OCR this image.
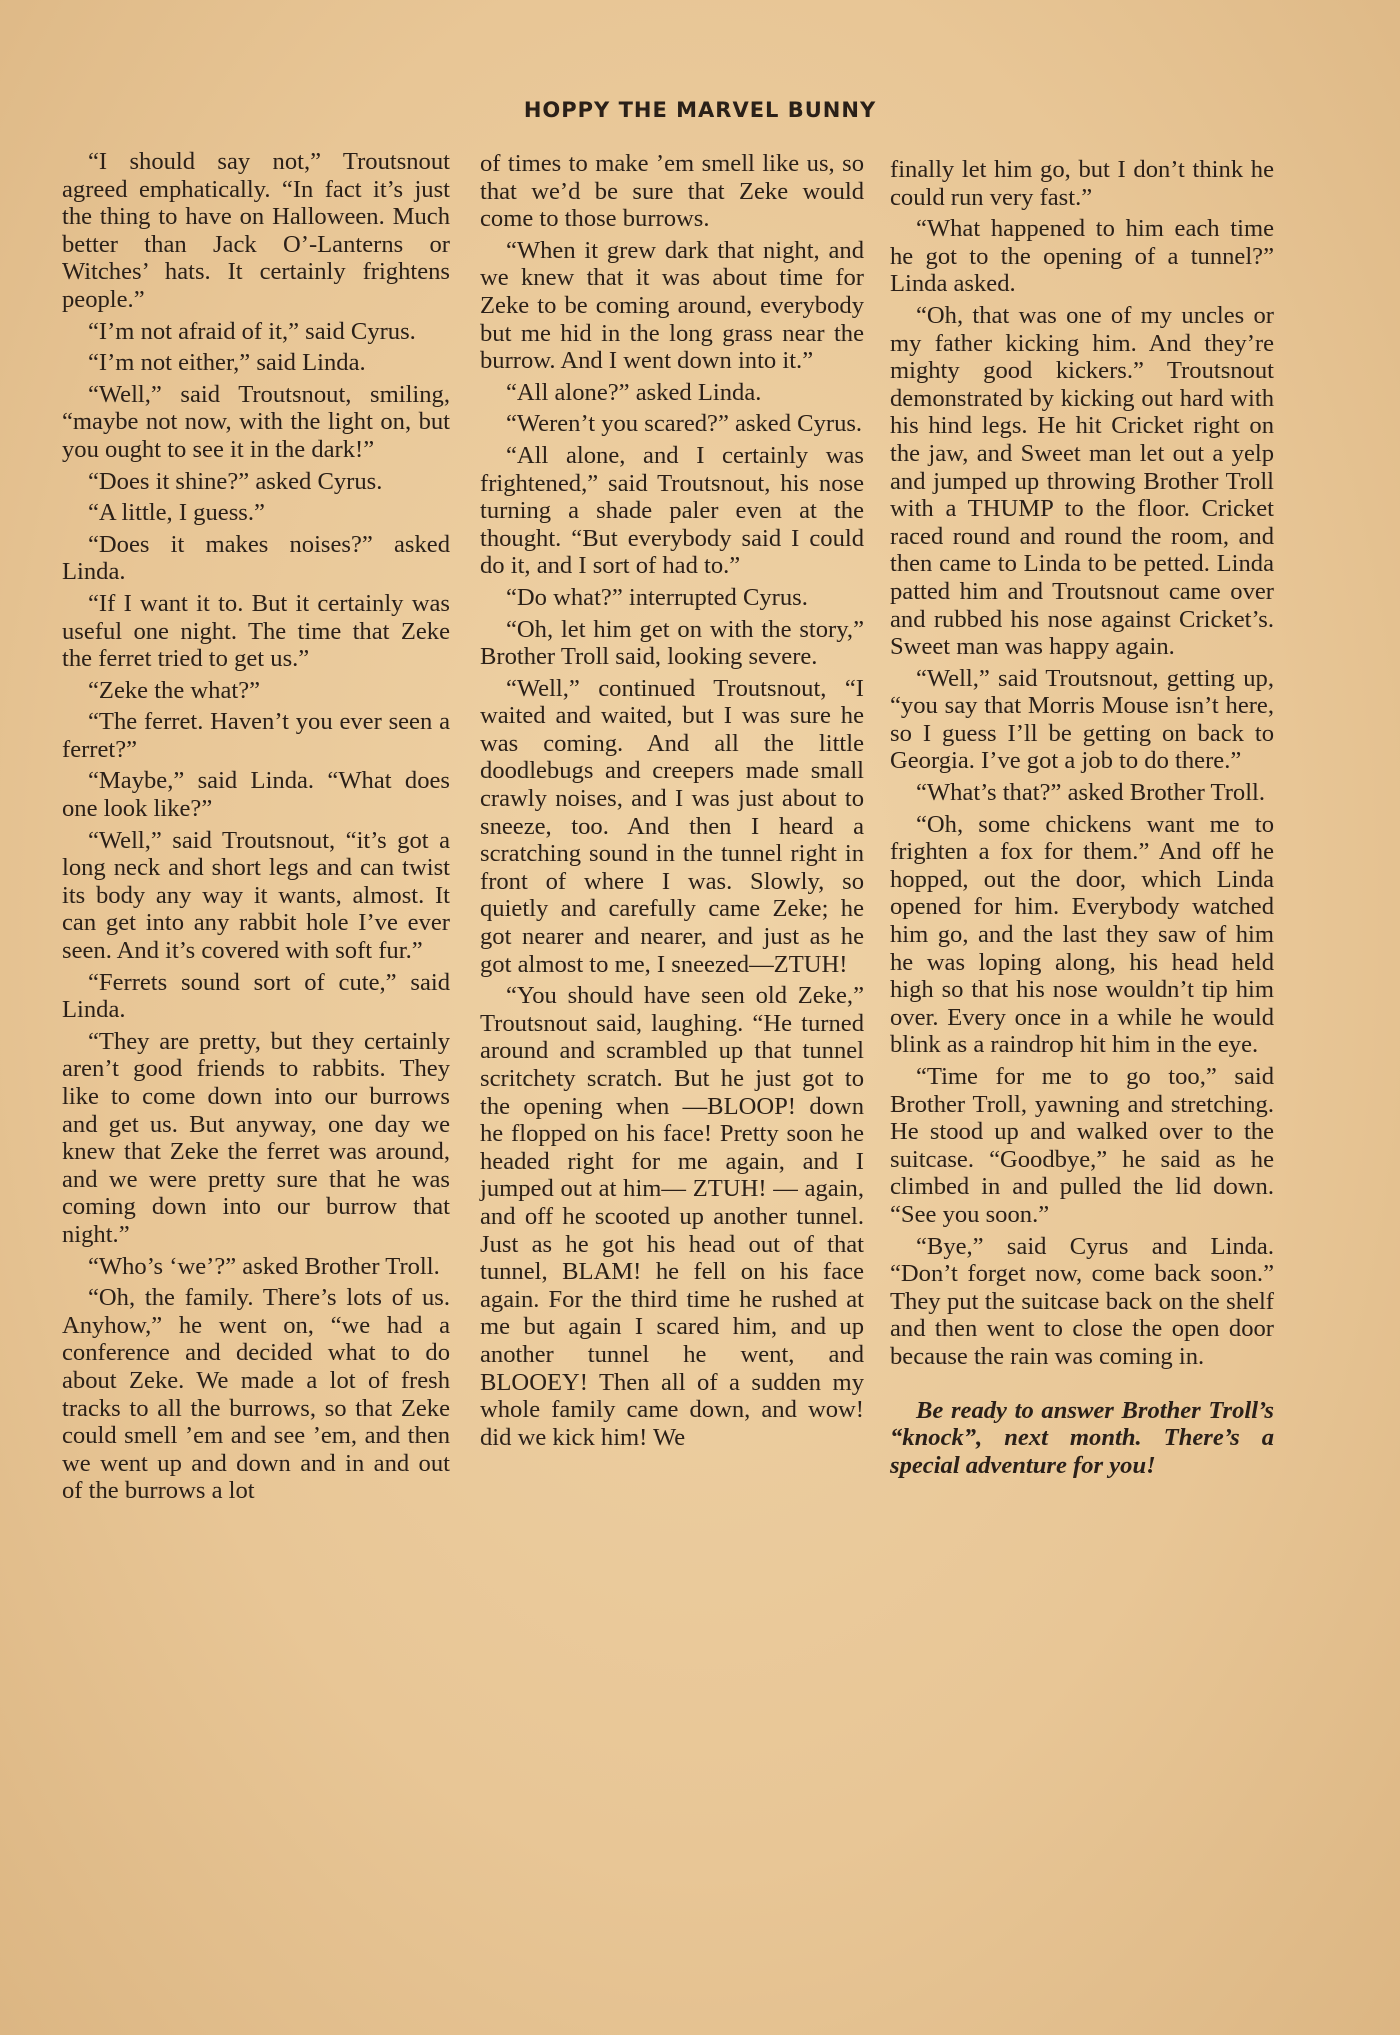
HOPPY THE MARVEL BUNNY

“I should say not,” Troutsnout agreed emphatically. “In fact it’s just the thing to have on Halloween. Much better than Jack O’-Lanterns or Witches’ hats. It certainly frightens people.”

“I’m not afraid of it,” said Cyrus.

“I’m not either,” said Linda.

“Well,” said Troutsnout, smiling, “maybe not now, with the light on, but you ought to see it in the dark!”

“Does it shine?” asked Cyrus.

“A little, I guess.”

“Does it makes noises?” asked Linda.

“If I want it to. But it certainly was useful one night. The time that Zeke the ferret tried to get us.”

“Zeke the what?”

“The ferret. Haven’t you ever seen a ferret?”

“Maybe,” said Linda. “What does one look like?”

“Well,” said Troutsnout, “it’s got a long neck and short legs and can twist its body any way it wants, almost. It can get into any rabbit hole I’ve ever seen. And it’s covered with soft fur.”

“Ferrets sound sort of cute,” said Linda.

“They are pretty, but they certainly aren’t good friends to rabbits. They like to come down into our burrows and get us. But anyway, one day we knew that Zeke the ferret was around, and we were pretty sure that he was coming down into our burrow that night.”

“Who’s ‘we’?” asked Brother Troll.

“Oh, the family. There’s lots of us. Anyhow,” he went on, “we had a conference and decided what to do about Zeke. We made a lot of fresh tracks to all the burrows, so that Zeke could smell ’em and see ’em, and then we went up and down and in and out of the burrows a lot

of times to make ’em smell like us, so that we’d be sure that Zeke would come to those burrows.

“When it grew dark that night, and we knew that it was about time for Zeke to be coming around, everybody but me hid in the long grass near the burrow. And I went down into it.”

“All alone?” asked Linda.

“Weren’t you scared?” asked Cyrus.

“All alone, and I certainly was frightened,” said Troutsnout, his nose turning a shade paler even at the thought. “But everybody said I could do it, and I sort of had to.”

“Do what?” interrupted Cyrus.

“Oh, let him get on with the story,” Brother Troll said, looking severe.

“Well,” continued Troutsnout, “I waited and waited, but I was sure he was coming. And all the little doodlebugs and creepers made small crawly noises, and I was just about to sneeze, too. And then I heard a scratching sound in the tunnel right in front of where I was. Slowly, so quietly and carefully came Zeke; he got nearer and nearer, and just as he got almost to me, I sneezed—ZTUH!

“You should have seen old Zeke,” Troutsnout said, laughing. “He turned around and scrambled up that tunnel scritchety scratch. But he just got to the opening when —BLOOP! down he flopped on his face! Pretty soon he headed right for me again, and I jumped out at him— ZTUH! — again, and off he scooted up another tunnel. Just as he got his head out of that tunnel, BLAM! he fell on his face again. For the third time he rushed at me but again I scared him, and up another tunnel he went, and BLOOEY! Then all of a sudden my whole family came down, and wow! did we kick him! We

finally let him go, but I don’t think he could run very fast.”

“What happened to him each time he got to the opening of a tunnel?” Linda asked.

“Oh, that was one of my uncles or my father kicking him. And they’re mighty good kickers.” Troutsnout demonstrated by kicking out hard with his hind legs. He hit Cricket right on the jaw, and Sweet man let out a yelp and jumped up throwing Brother Troll with a THUMP to the floor. Cricket raced round and round the room, and then came to Linda to be petted. Linda patted him and Troutsnout came over and rubbed his nose against Cricket’s. Sweet man was happy again.

“Well,” said Troutsnout, getting up, “you say that Morris Mouse isn’t here, so I guess I’ll be getting on back to Georgia. I’ve got a job to do there.”

“What’s that?” asked Brother Troll.

“Oh, some chickens want me to frighten a fox for them.” And off he hopped, out the door, which Linda opened for him. Everybody watched him go, and the last they saw of him he was loping along, his head held high so that his nose wouldn’t tip him over. Every once in a while he would blink as a raindrop hit him in the eye.

“Time for me to go too,” said Brother Troll, yawning and stretching. He stood up and walked over to the suitcase. “Goodbye,” he said as he climbed in and pulled the lid down. “See you soon.”

“Bye,” said Cyrus and Linda. “Don’t forget now, come back soon.” They put the suitcase back on the shelf and then went to close the open door because the rain was coming in.

Be ready to answer Brother Troll’s “knock”, next month. There’s a special adventure for you!
